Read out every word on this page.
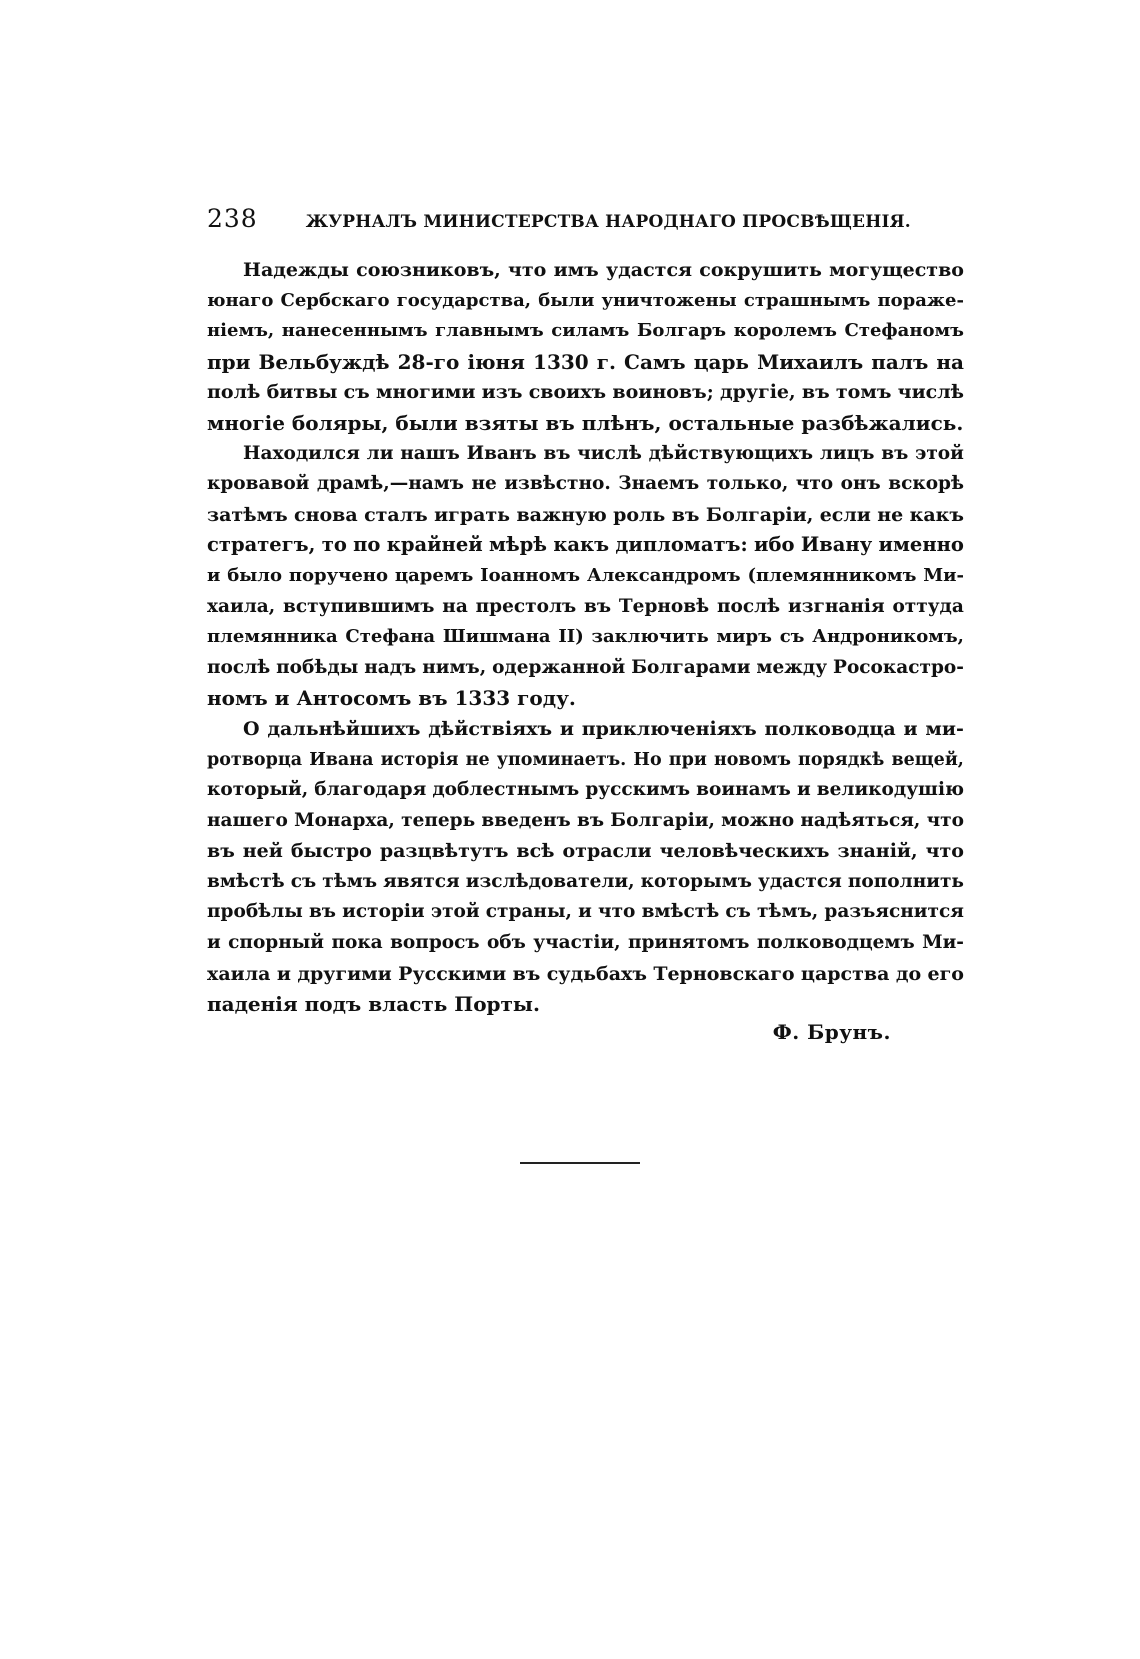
238	ЖУРНАЛЪ МИНИСТЕРСТВА НАРОДНАГО ПРОСВѢЩЕНІЯ.
Надежды союзниковъ, что имъ удастся сокрушить могущество
юнаго Сербскаго государства, были уничтожены страшнымъ пораже-
ніемъ, нанесеннымъ главнымъ силамъ Болгаръ королемъ Стефаномъ
при Вельбуждѣ 28-го іюня 1330 г. Самъ царь Михаилъ палъ на
полѣ битвы съ многими изъ своихъ воиновъ; другіе, въ томъ числѣ
многіе боляры, были взяты въ плѣнъ, остальные разбѣжались.
Находился ли нашъ Иванъ въ числѣ дѣйствующихъ лицъ въ этой
кровавой драмѣ,—намъ не извѣстно. Знаемъ только, что онъ вскорѣ
затѣмъ снова сталъ играть важную роль въ Болгаріи, если не какъ
стратегъ, то по крайней мѣрѣ какъ дипломатъ: ибо Ивану именно
и было поручено царемъ Іоанномъ Александромъ (племянникомъ Ми-
хаила, вступившимъ на престолъ въ Терновѣ послѣ изгнанія оттуда
племянника Стефана Шишмана II) заключить миръ съ Андроникомъ,
послѣ побѣды надъ нимъ, одержанной Болгарами между Росокастро-
номъ и Антосомъ въ 1333 году.
О дальнѣйшихъ дѣйствіяхъ и приключеніяхъ полководца и ми-
ротворца Ивана исторія не упоминаетъ. Но при новомъ порядкѣ вещей,
который, благодаря доблестнымъ русскимъ воинамъ и великодушію
нашего Монарха, теперь введенъ въ Болгаріи, можно надѣяться, что
въ ней быстро разцвѣтутъ всѣ отрасли человѣческихъ знаній, что
вмѣстѣ съ тѣмъ явятся изслѣдователи, которымъ удастся пополнить
пробѣлы въ исторіи этой страны, и что вмѣстѣ съ тѣмъ, разъяснится
и спорный пока вопросъ объ участіи, принятомъ полководцемъ Ми-
хаила и другими Русскими въ судьбахъ Терновскаго царства до его
паденія подъ власть Порты.
Ф. Брунъ.
